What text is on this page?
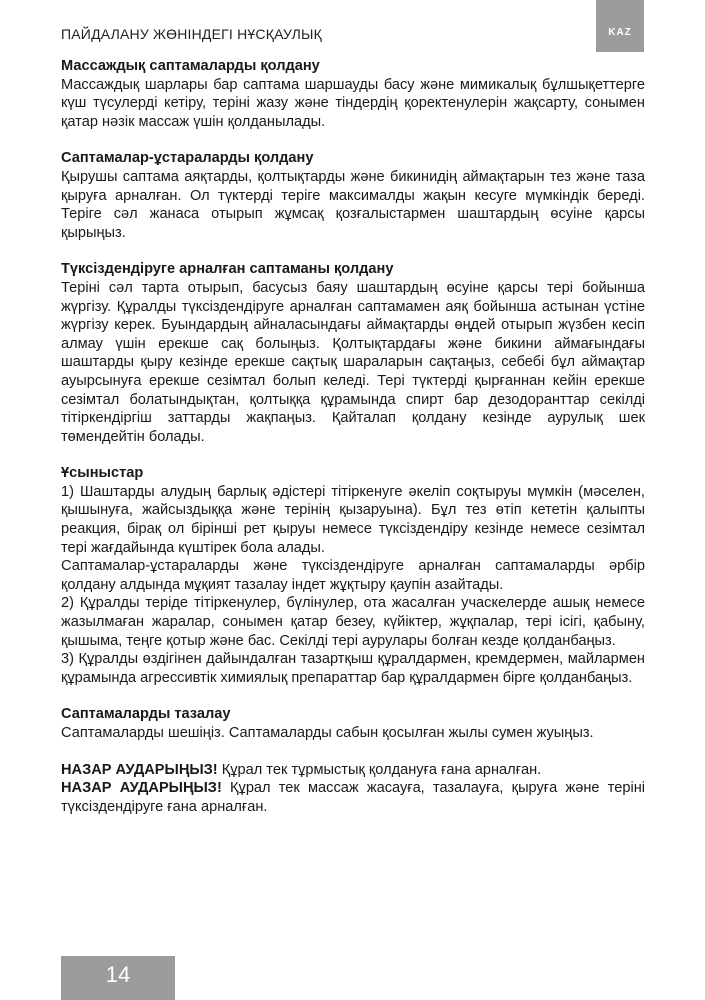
ПАЙДАЛАНУ ЖӨНІНДЕГІ НҰСҚАУЛЫҚ	KAZ

Массаждық саптамаларды қолдану

Массаждық шарлары бар саптама шаршауды басу және мимикалық бұлшықеттерге күш түсулерді кетіру, теріні жазу және тіндердің қоректенулерін жақсарту, сонымен қатар нәзік массаж үшін қолданылады.

Саптамалар-ұстараларды қолдану

Қырушы саптама аяқтарды, қолтықтарды және бикинидің аймақтарын тез және таза қыруға арналған. Ол түктерді теріге максималды жақын кесуге мүмкіндік береді. Теріге сәл жанаса отырып жұмсақ қозғалыстармен шаштардың өсуіне қарсы қырыңыз.

Түксіздендіруге арналған саптаманы қолдану

Теріні сәл тарта отырып, басусыз баяу шаштардың өсуіне қарсы тері бойынша жүргізу. Құралды түксіздендіруге арналған саптамамен аяқ бойынша астынан үстіне жүргізу керек. Буындардың айналасындағы аймақтарды өңдей отырып жүзбен кесіп алмау үшін ерекше сақ болыңыз. Қолтықтардағы және бикини аймағындағы шаштарды қыру кезінде ерекше сақтық шараларын сақтаңыз, себебі бұл аймақтар ауырсынуға ерекше сезімтал болып келеді. Тері түктерді қырғаннан кейін ерекше сезімтал болатындықтан, қолтыққа құрамында спирт бар дезодоранттар секілді тітіркендіргіш заттарды жақпаңыз. Қайталап қолдану кезінде аурулық шек төмендейтін болады.

Ұсыныстар

1) Шаштарды алудың барлық әдістері тітіркенуге әкеліп соқтыруы мүмкін (мәселен, қышынуға, жайсыздыққа және терінің қызаруына). Бұл тез өтіп кететін қалыпты реакция, бірақ ол бірінші рет қыруы немесе түксіздендіру кезінде немесе сезімтал тері жағдайында күштірек бола алады.

Саптамалар-ұстараларды және түксіздендіруге арналған саптамаларды әрбір қолдану алдында мұқият тазалау індет жұқтыру қаупін азайтады.

2) Құралды теріде тітіркенулер, бүлінулер, ота жасалған учаскелерде ашық немесе жазылмаған жаралар, сонымен қатар безеу, күйіктер, жұқпалар, тері ісігі, қабыну, қышыма, теңге қотыр және бас. Секілді тері аурулары болған кезде қолданбаңыз.

3) Құралды өздігінен дайындалған тазартқыш құралдармен, кремдермен, майлармен құрамында агрессивтік химиялық препараттар бар құралдармен бірге қолданбаңыз.

Саптамаларды тазалау

Саптамаларды шешіңіз. Саптамаларды сабын қосылған жылы сумен жуыңыз.

НАЗАР АУДАРЫҢЫЗ! Құрал тек тұрмыстық қолдануға ғана арналған.

НАЗАР АУДАРЫҢЫЗ! Құрал тек массаж жасауға, тазалауға, қыруға және теріні түксіздендіруге ғана арналған.

14
